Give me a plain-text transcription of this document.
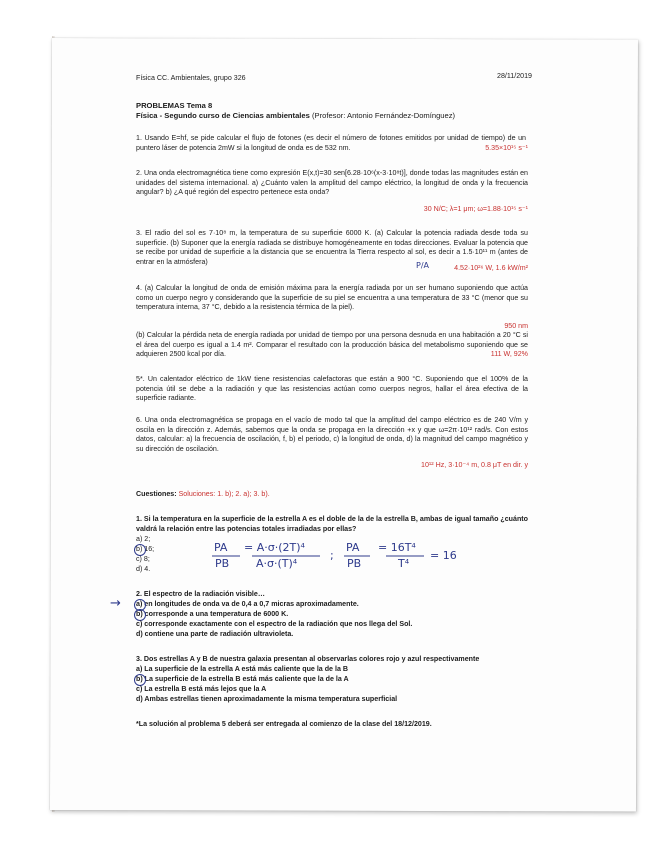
Física CC. Ambientales, grupo 326	28/11/2019
PROBLEMAS Tema 8
Física - Segundo curso de Ciencias ambientales (Profesor: Antonio Fernández-Domínguez)
1. Usando E=hf, se pide calcular el flujo de fotones (es decir el número de fotones emitidos por unidad de tiempo) de un puntero láser de potencia 2mW si la longitud de onda es de 532 nm.	5.35×10¹⁵ s⁻¹
2. Una onda electromagnética tiene como expresión E(x,t)=30 sen[6.28·10⁶(x-3·10⁸t)], donde todas las magnitudes están en unidades del sistema internacional. a) ¿Cuánto valen la amplitud del campo eléctrico, la longitud de onda y la frecuencia angular? b) ¿A qué región del espectro pertenece esta onda?
30 N/C; λ=1 μm; ω=1.88·10¹⁵ s⁻¹
3. El radio del sol es 7·10⁸ m, la temperatura de su superficie 6000 K. (a) Calcular la potencia radiada desde toda su superficie. (b) Suponer que la energía radiada se distribuye homogéneamente en todas direcciones. Evaluar la potencia que se recibe por unidad de superficie a la distancia que se encuentra la Tierra respecto al sol, es decir a 1.5·10¹¹ m (antes de entrar en la atmósfera)	P/A	4.52·10²⁶ W, 1.6 kW/m²
4. (a) Calcular la longitud de onda de emisión máxima para la energía radiada por un ser humano suponiendo que actúa como un cuerpo negro y considerando que la superficie de su piel se encuentra a una temperatura de 33 °C (menor que su temperatura interna, 37 °C, debido a la resistencia térmica de la piel).
950 nm
(b) Calcular la pérdida neta de energía radiada por unidad de tiempo por una persona desnuda en una habitación a 20 °C si el área del cuerpo es igual a 1.4 m². Comparar el resultado con la producción básica del metabolismo suponiendo que se adquieren 2500 kcal por día.	111 W, 92%
5*. Un calentador eléctrico de 1kW tiene resistencias calefactoras que están a 900 °C. Suponiendo que el 100% de la potencia útil se debe a la radiación y que las resistencias actúan como cuerpos negros, hallar el área efectiva de la superficie radiante.
6. Una onda electromagnética se propaga en el vacío de modo tal que la amplitud del campo eléctrico es de 240 V/m y oscila en la dirección z. Además, sabemos que la onda se propaga en la dirección +x y que ω=2π·10¹² rad/s. Con estos datos, calcular: a) la frecuencia de oscilación, f, b) el periodo, c) la longitud de onda, d) la magnitud del campo magnético y su dirección de oscilación.
10¹² Hz, 3·10⁻⁴ m, 0.8 μT en dir. y
Cuestiones: Soluciones: 1. b); 2. a); 3. b).
1. Si la temperatura en la superficie de la estrella A es el doble de la de la estrella B, ambas de igual tamaño ¿cuánto valdrá la relación entre las potencias totales irradiadas por ellas?
a) 2;
b) 16;
c) 8;
d) 4.
PA
PB
= A·σ·(2T)⁴
A·σ·(T)⁴
;
PA
PB
= 16T⁴
T⁴
= 16
2. El espectro de la radiación visible…
→ a) en longitudes de onda va de 0,4 a 0,7 micras aproximadamente.
b) corresponde a una temperatura de 6000 K.
c) corresponde exactamente con el espectro de la radiación que nos llega del Sol.
d) contiene una parte de radiación ultravioleta.
3. Dos estrellas A y B de nuestra galaxia presentan al observarlas colores rojo y azul respectivamente
a) La superficie de la estrella A está más caliente que la de la B
b) La superficie de la estrella B está más caliente que la de la A
c) La estrella B está más lejos que la A
d) Ambas estrellas tienen aproximadamente la misma temperatura superficial
*La solución al problema 5 deberá ser entregada al comienzo de la clase del 18/12/2019.
